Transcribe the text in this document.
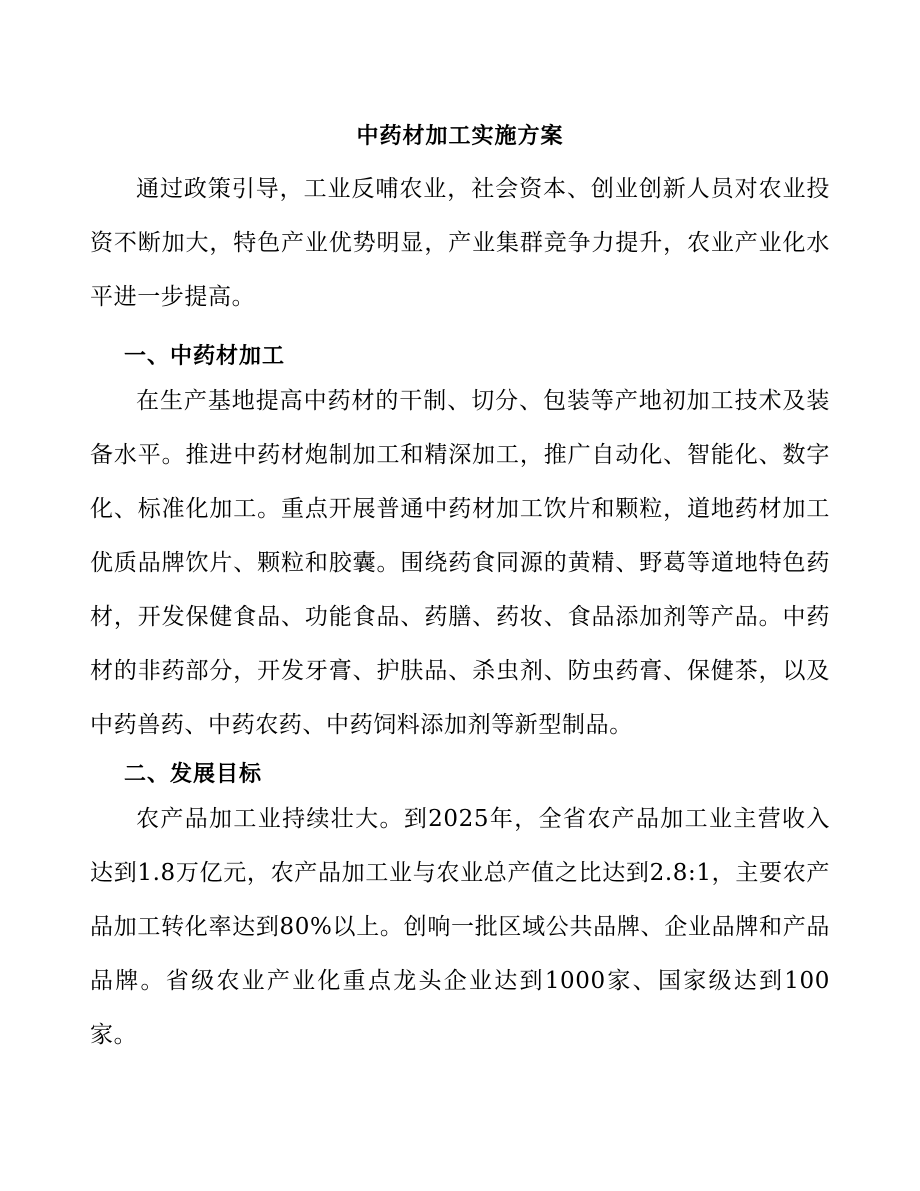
中药材加工实施方案

通过政策引导，工业反哺农业，社会资本、创业创新人员对农业投资不断加大，特色产业优势明显，产业集群竞争力提升，农业产业化水平进一步提高。

一、中药材加工

在生产基地提高中药材的干制、切分、包装等产地初加工技术及装备水平。推进中药材炮制加工和精深加工，推广自动化、智能化、数字化、标准化加工。重点开展普通中药材加工饮片和颗粒，道地药材加工优质品牌饮片、颗粒和胶囊。围绕药食同源的黄精、野葛等道地特色药材，开发保健食品、功能食品、药膳、药妆、食品添加剂等产品。中药材的非药部分，开发牙膏、护肤品、杀虫剂、防虫药膏、保健茶，以及中药兽药、中药农药、中药饲料添加剂等新型制品。

二、发展目标

农产品加工业持续壮大。到2025年，全省农产品加工业主营收入达到1.8万亿元，农产品加工业与农业总产值之比达到2.8:1，主要农产品加工转化率达到80%以上。创响一批区域公共品牌、企业品牌和产品品牌。省级农业产业化重点龙头企业达到1000家、国家级达到100家。
